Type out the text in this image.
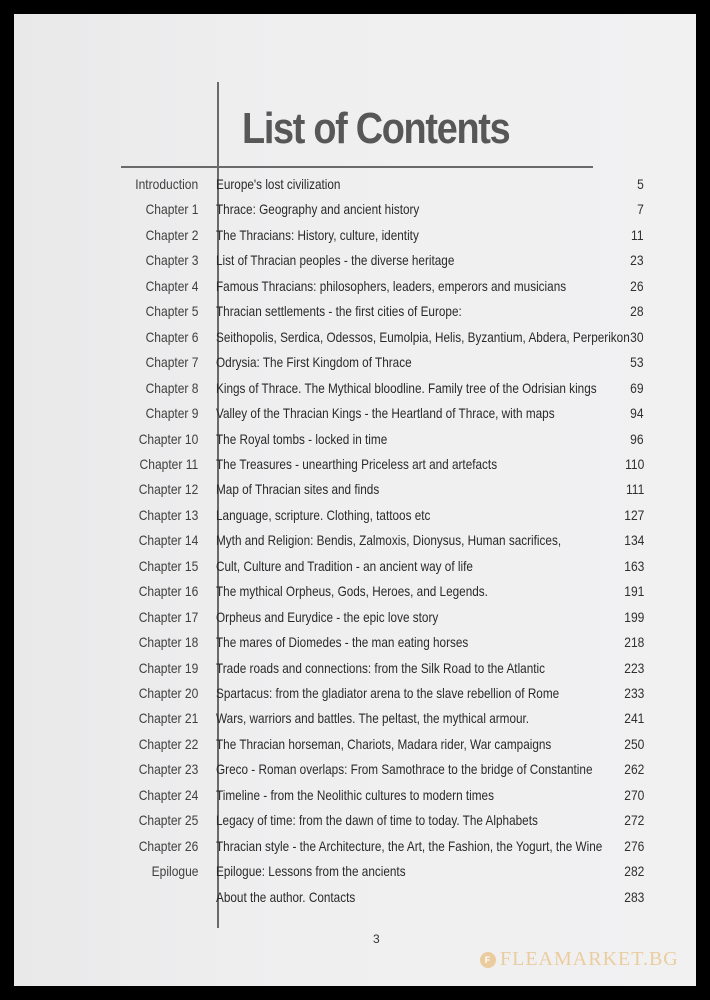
List of Contents
Introduction Europe's lost civilization	5
Chapter 1 Thrace: Geography and ancient history	7
Chapter 2 The Thracians: History, culture, identity	11
Chapter 3 List of Thracian peoples - the diverse heritage	23
Chapter 4 Famous Thracians: philosophers, leaders, emperors and musicians	26
Chapter 5 Thracian settlements - the first cities of Europe:	28
Chapter 6 Seithopolis, Serdica, Odessos, Eumolpia, Helis, Byzantium, Abdera, Perperikon 30
Chapter 7 Odrysia: The First Kingdom of Thrace	53
Chapter 8 Kings of Thrace. The Mythical bloodline. Family tree of the Odrisian kings 69
Chapter 9 Valley of the Thracian Kings - the Heartland of Thrace, with maps	94
Chapter 10 The Royal tombs - locked in time	96
Chapter 11 The Treasures - unearthing Priceless art and artefacts	110
Chapter 12 Map of Thracian sites and finds	111
Chapter 13 Language, scripture. Clothing, tattoos etc	127
Chapter 14 Myth and Religion: Bendis, Zalmoxis, Dionysus, Human sacrifices,	134
Chapter 15 Cult, Culture and Tradition - an ancient way of life	163
Chapter 16 The mythical Orpheus, Gods, Heroes, and Legends.	191
Chapter 17 Orpheus and Eurydice - the epic love story	199
Chapter 18 The mares of Diomedes - the man eating horses	218
Chapter 19 Trade roads and connections: from the Silk Road to the Atlantic	223
Chapter 20 Spartacus: from the gladiator arena to the slave rebellion of Rome	233
Chapter 21 Wars, warriors and battles. The peltast, the mythical armour.	241
Chapter 22 The Thracian horseman, Chariots, Madara rider, War campaigns	250
Chapter 23 Greco - Roman overlaps: From Samothrace to the bridge of Constantine 262
Chapter 24 Timeline - from the Neolithic cultures to modern times	270
Chapter 25 Legacy of time: from the dawn of time to today. The Alphabets	272
Chapter 26 Thracian style - the Architecture, the Art, the Fashion, the Yogurt, the Wine 276
Epilogue Epilogue: Lessons from the ancients	282
About the author. Contacts	283
3
F FLEAMARKET.BG
